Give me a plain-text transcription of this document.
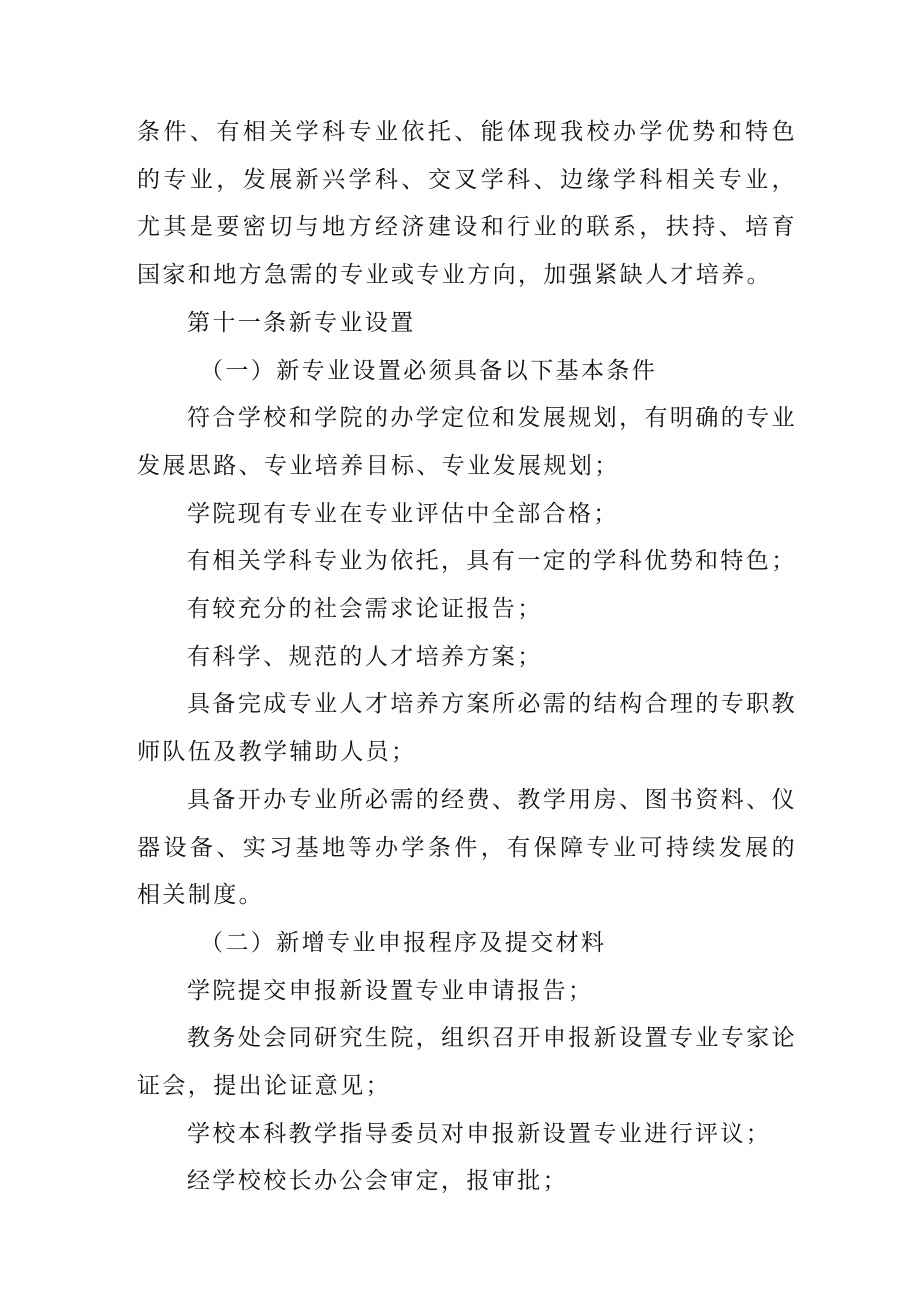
条件、有相关学科专业依托、能体现我校办学优势和特色的专业，发展新兴学科、交叉学科、边缘学科相关专业，尤其是要密切与地方经济建设和行业的联系，扶持、培育国家和地方急需的专业或专业方向，加强紧缺人才培养。

第十一条新专业设置

（一）新专业设置必须具备以下基本条件

符合学校和学院的办学定位和发展规划，有明确的专业发展思路、专业培养目标、专业发展规划；

学院现有专业在专业评估中全部合格；

有相关学科专业为依托，具有一定的学科优势和特色；

有较充分的社会需求论证报告；

有科学、规范的人才培养方案；

具备完成专业人才培养方案所必需的结构合理的专职教师队伍及教学辅助人员；

具备开办专业所必需的经费、教学用房、图书资料、仪器设备、实习基地等办学条件，有保障专业可持续发展的相关制度。

（二）新增专业申报程序及提交材料

学院提交申报新设置专业申请报告；

教务处会同研究生院，组织召开申报新设置专业专家论证会，提出论证意见；

学校本科教学指导委员对申报新设置专业进行评议；

经学校校长办公会审定，报审批；
